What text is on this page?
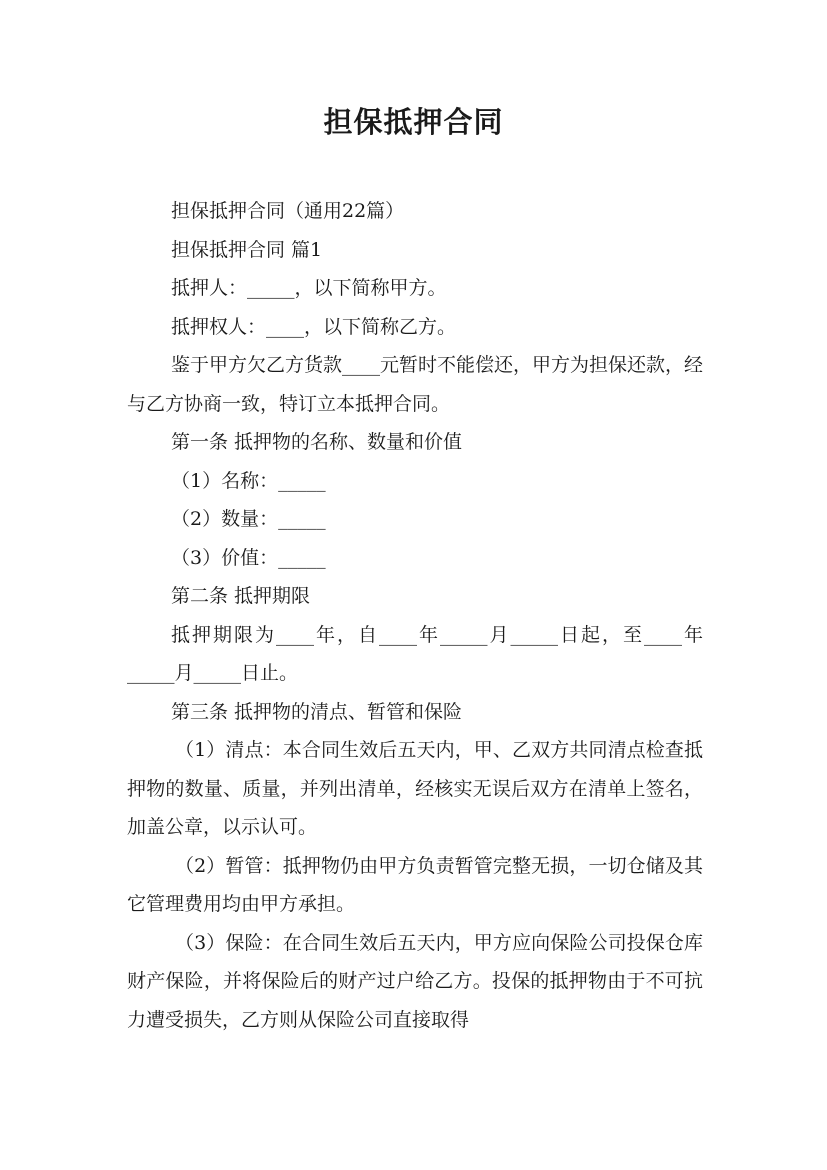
担保抵押合同

担保抵押合同（通用22篇）

担保抵押合同 篇1

抵押人：_____，以下简称甲方。

抵押权人：____，以下简称乙方。

鉴于甲方欠乙方货款____元暂时不能偿还，甲方为担保还款，经与乙方协商一致，特订立本抵押合同。

第一条 抵押物的名称、数量和价值

（1）名称：_____

（2）数量：_____

（3）价值：_____

第二条 抵押期限

抵押期限为____年，自____年_____月_____日起，至____年_____月_____日止。

第三条 抵押物的清点、暂管和保险

（1）清点：本合同生效后五天内，甲、乙双方共同清点检查抵押物的数量、质量，并列出清单，经核实无误后双方在清单上签名，加盖公章，以示认可。

（2）暂管：抵押物仍由甲方负责暂管完整无损，一切仓储及其它管理费用均由甲方承担。

（3）保险：在合同生效后五天内，甲方应向保险公司投保仓库财产保险，并将保险后的财产过户给乙方。投保的抵押物由于不可抗力遭受损失，乙方则从保险公司直接取得
